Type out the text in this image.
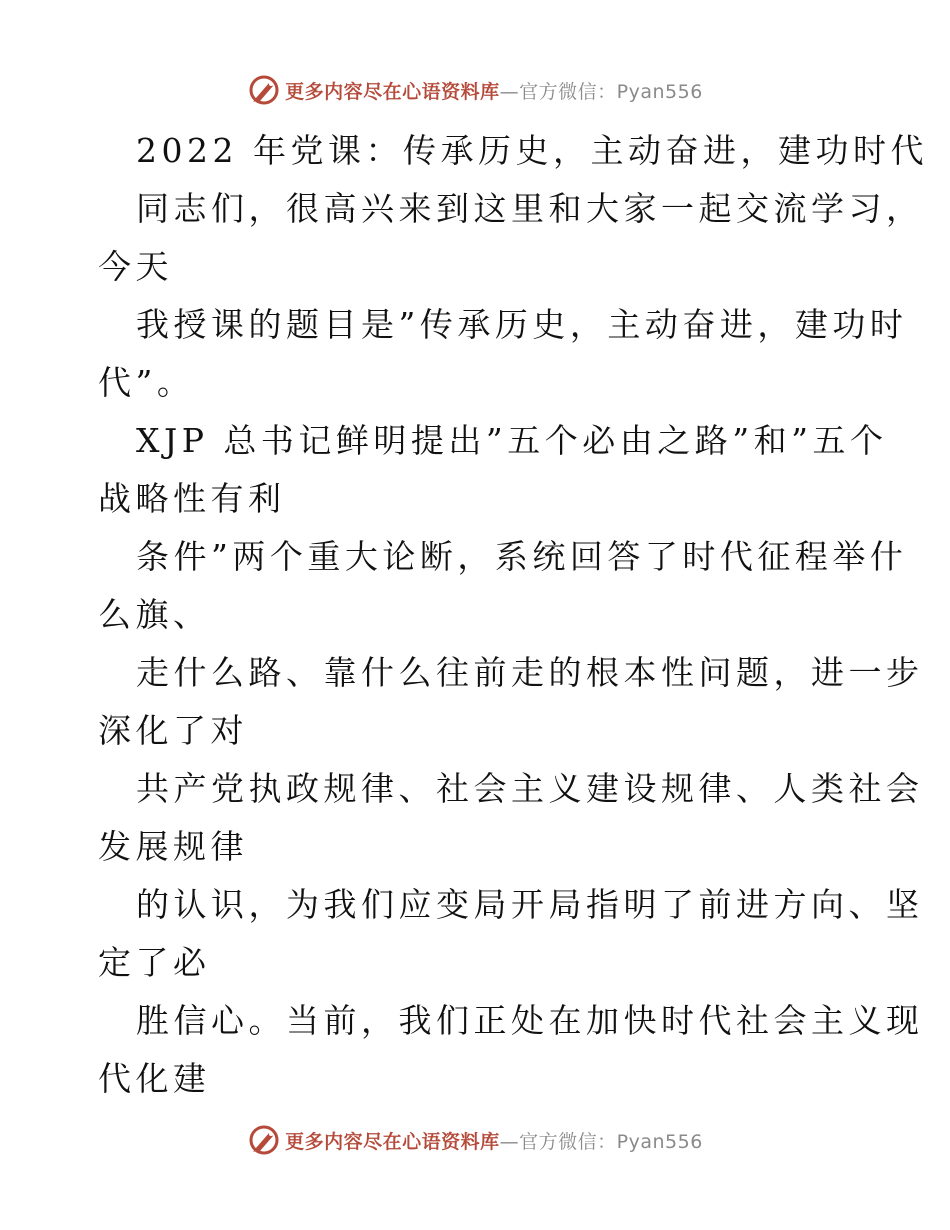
更多内容尽在心语资料库—官方微信：Pyan556
2022 年党课：传承历史，主动奋进，建功时代
同志们，很高兴来到这里和大家一起交流学习，
今天
我授课的题目是”传承历史，主动奋进，建功时
代”。
XJP 总书记鲜明提出”五个必由之路”和”五个
战略性有利
条件”两个重大论断，系统回答了时代征程举什
么旗、
走什么路、靠什么往前走的根本性问题，进一步
深化了对
共产党执政规律、社会主义建设规律、人类社会
发展规律
的认识，为我们应变局开局指明了前进方向、坚
定了必
胜信心。当前，我们正处在加快时代社会主义现
代化建
更多内容尽在心语资料库—官方微信：Pyan556
